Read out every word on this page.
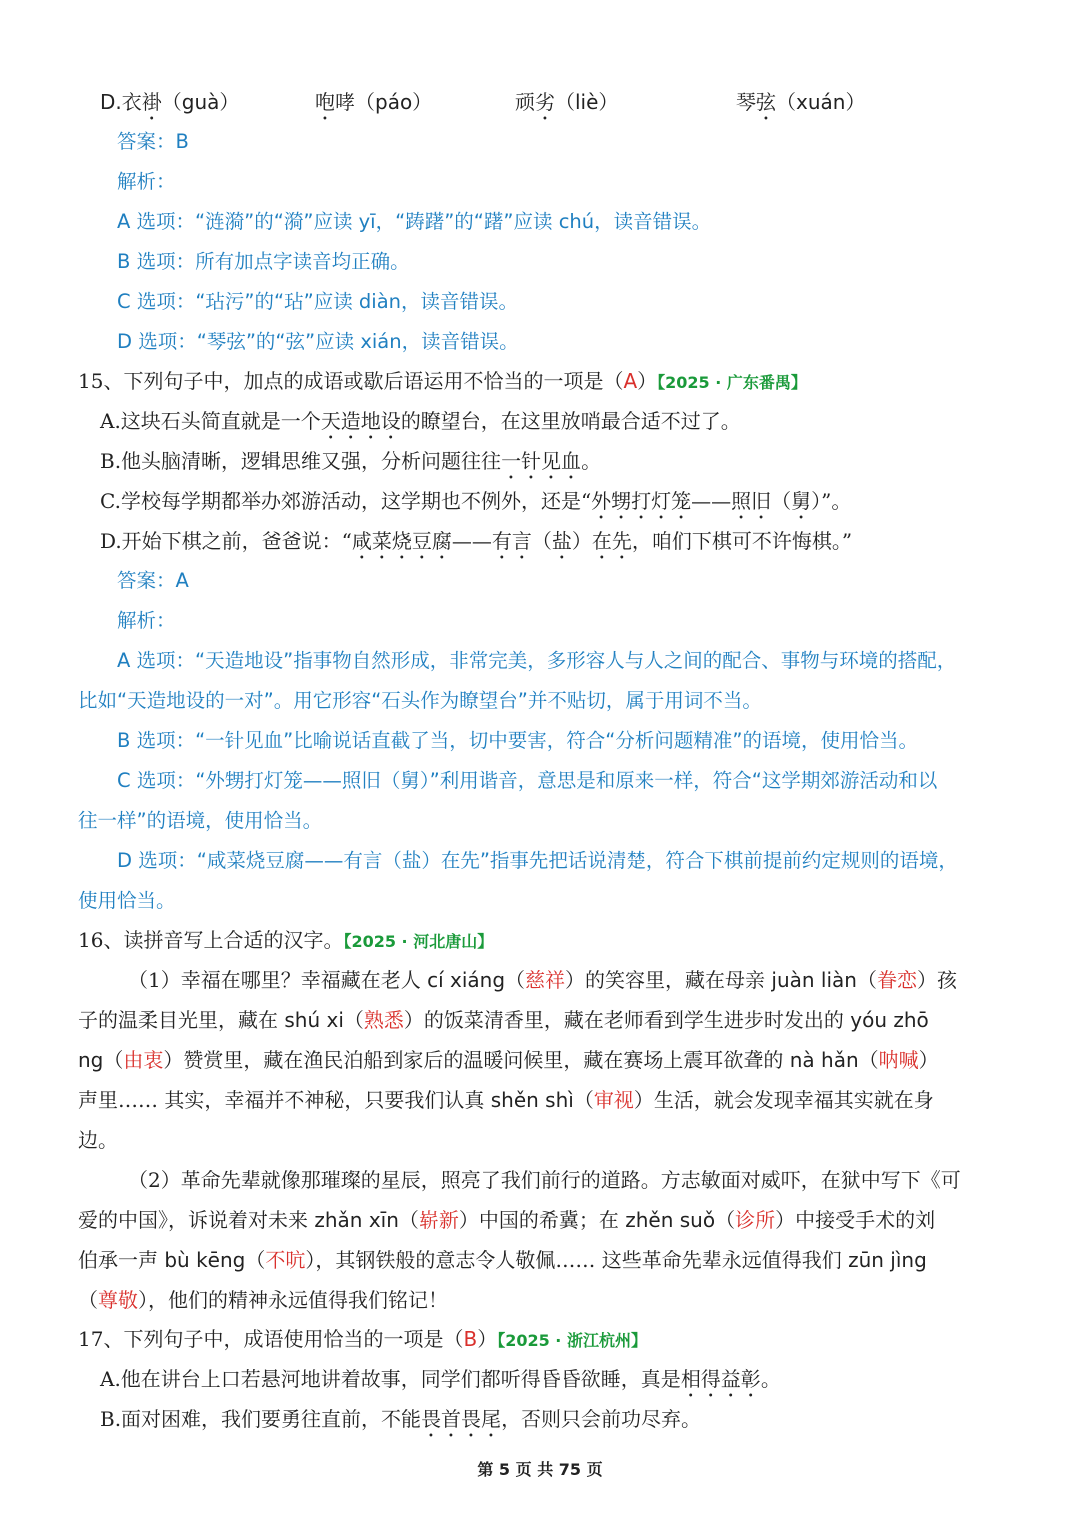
D.衣褂（guà）	咆哮（páo）	顽劣（liè）	琴弦（xuán）
答案：B
解析：
A 选项：“涟漪”的“漪”应读 yī，“踌躇”的“躇”应读 chú，读音错误。
B 选项：所有加点字读音均正确。
C 选项：“玷污”的“玷”应读 diàn，读音错误。
D 选项：“琴弦”的“弦”应读 xián，读音错误。
15、下列句子中，加点的成语或歇后语运用不恰当的一项是（A）【2025 · 广东番禺】
A.这块石头简直就是一个天造地设的瞭望台，在这里放哨最合适不过了。
B.他头脑清晰，逻辑思维又强，分析问题往往一针见血。
C.学校每学期都举办郊游活动，这学期也不例外，还是“外甥打灯笼——照旧（舅）”。
D.开始下棋之前，爸爸说：“咸菜烧豆腐——有言（盐）在先，咱们下棋可不许悔棋。”
答案：A
解析：
A 选项：“天造地设”指事物自然形成，非常完美，多形容人与人之间的配合、事物与环境的搭配，
比如“天造地设的一对”。用它形容“石头作为瞭望台”并不贴切，属于用词不当。
B 选项：“一针见血”比喻说话直截了当，切中要害，符合“分析问题精准”的语境，使用恰当。
C 选项：“外甥打灯笼——照旧（舅）”利用谐音，意思是和原来一样，符合“这学期郊游活动和以
往一样”的语境，使用恰当。
D 选项：“咸菜烧豆腐——有言（盐）在先”指事先把话说清楚，符合下棋前提前约定规则的语境，
使用恰当。
16、读拼音写上合适的汉字。【2025 · 河北唐山】
（1）幸福在哪里？幸福藏在老人 cí xiáng（慈祥）的笑容里，藏在母亲 juàn liàn（眷恋）孩
子的温柔目光里，藏在 shú xi（熟悉）的饭菜清香里，藏在老师看到学生进步时发出的 yóu zhō
ng（由衷）赞赏里，藏在渔民泊船到家后的温暖问候里，藏在赛场上震耳欲聋的 nà hǎn（呐喊）
声里…… 其实，幸福并不神秘，只要我们认真 shěn shì（审视）生活，就会发现幸福其实就在身
边。
（2）革命先辈就像那璀璨的星辰，照亮了我们前行的道路。方志敏面对威吓，在狱中写下《可
爱的中国》，诉说着对未来 zhǎn xīn（崭新）中国的希冀；在 zhěn suǒ（诊所）中接受手术的刘
伯承一声 bù kēng（不吭），其钢铁般的意志令人敬佩…… 这些革命先辈永远值得我们 zūn jìng
（尊敬），他们的精神永远值得我们铭记！
17、下列句子中，成语使用恰当的一项是（B）【2025 · 浙江杭州】
A.他在讲台上口若悬河地讲着故事，同学们都听得昏昏欲睡，真是相得益彰。
B.面对困难，我们要勇往直前，不能畏首畏尾，否则只会前功尽弃。
第 5 页 共 75 页
